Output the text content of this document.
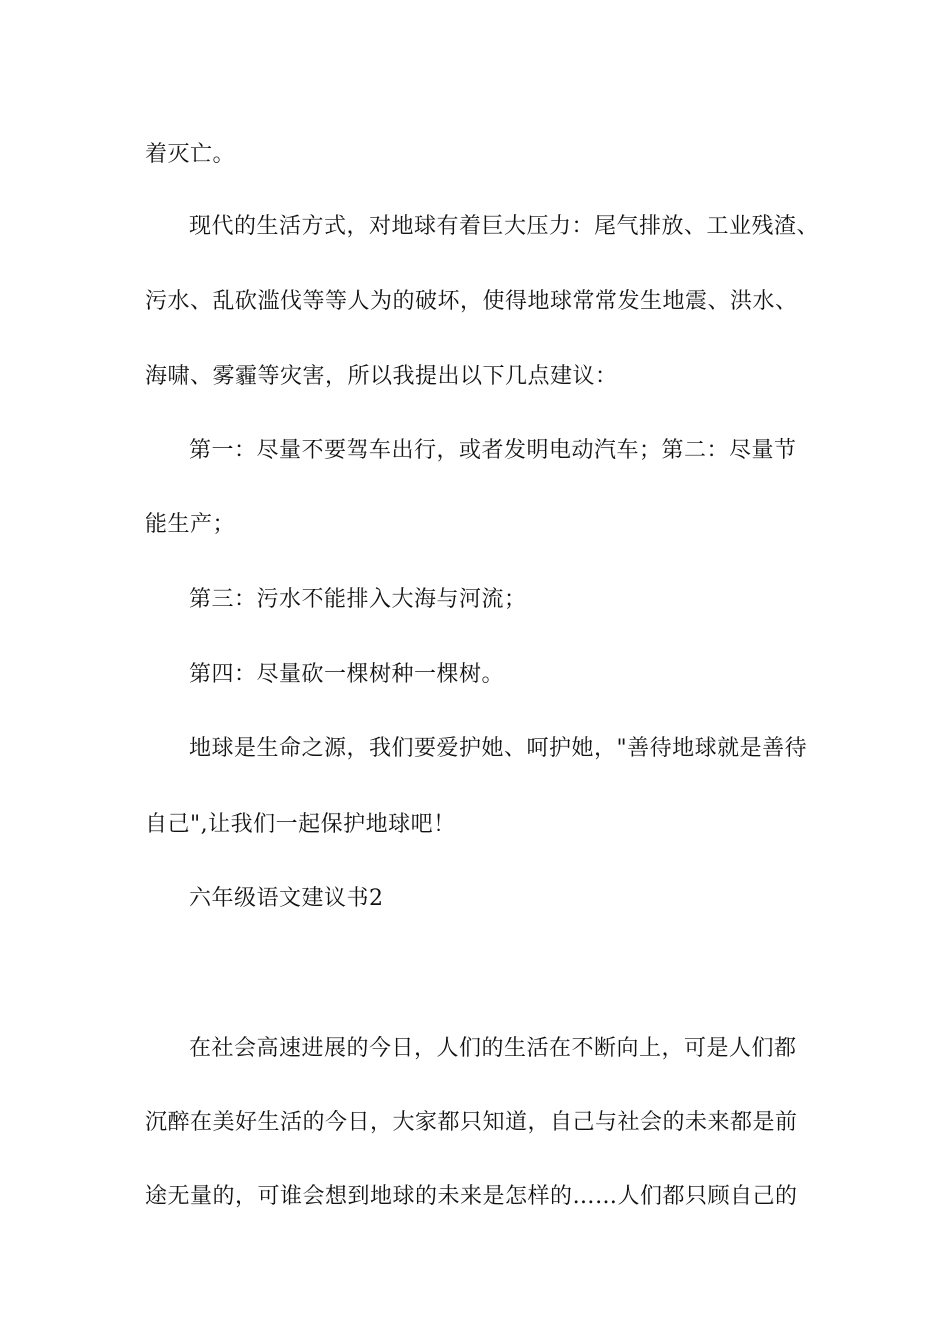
着灭亡。
现代的生活方式，对地球有着巨大压力：尾气排放、工业残渣、
污水、乱砍滥伐等等人为的破坏，使得地球常常发生地震、洪水、
海啸、雾霾等灾害，所以我提出以下几点建议：
第一：尽量不要驾车出行，或者发明电动汽车；第二：尽量节
能生产；
第三：污水不能排入大海与河流；
第四：尽量砍一棵树种一棵树。
地球是生命之源，我们要爱护她、呵护她，"善待地球就是善待
自己",让我们一起保护地球吧！
六年级语文建议书2
在社会高速进展的今日，人们的生活在不断向上，可是人们都
沉醉在美好生活的今日，大家都只知道，自己与社会的未来都是前
途无量的，可谁会想到地球的未来是怎样的……人们都只顾自己的
